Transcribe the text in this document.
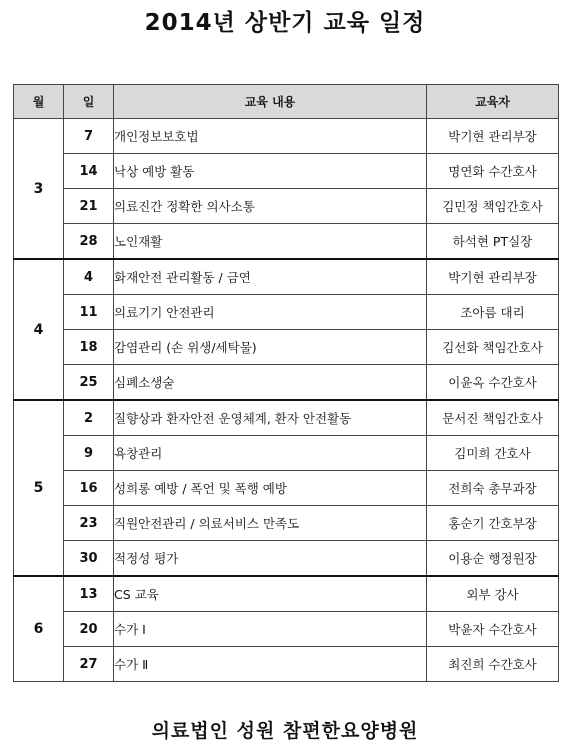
2014년 상반기 교육 일정
월	일	교육 내용	교육자
3	7	개인정보보호법	박기현 관리부장
	14	낙상 예방 활동	명연화 수간호사
	21	의료진간 정확한 의사소통	김민정 책임간호사
	28	노인재활	하석현 PT실장
4	4	화재안전 관리활동 / 금연	박기현 관리부장
	11	의료기기 안전관리	조아름 대리
	18	감염관리 (손 위생/세탁물)	김선화 책임간호사
	25	심폐소생술	이윤옥 수간호사
5	2	질향상과 환자안전 운영체계, 환자 안전활동	문서진 책임간호사
	9	욕창관리	김미희 간호사
	16	성희롱 예방 / 폭언 및 폭행 예방	전희숙 총무과장
	23	직원안전관리 / 의료서비스 만족도	홍순기 간호부장
	30	적정성 평가	이용순 행정원장
6	13	CS 교육	외부 강사
	20	수가 Ⅰ	박윤자 수간호사
	27	수가 Ⅱ	최진희 수간호사
의료법인 성원 참편한요양병원
